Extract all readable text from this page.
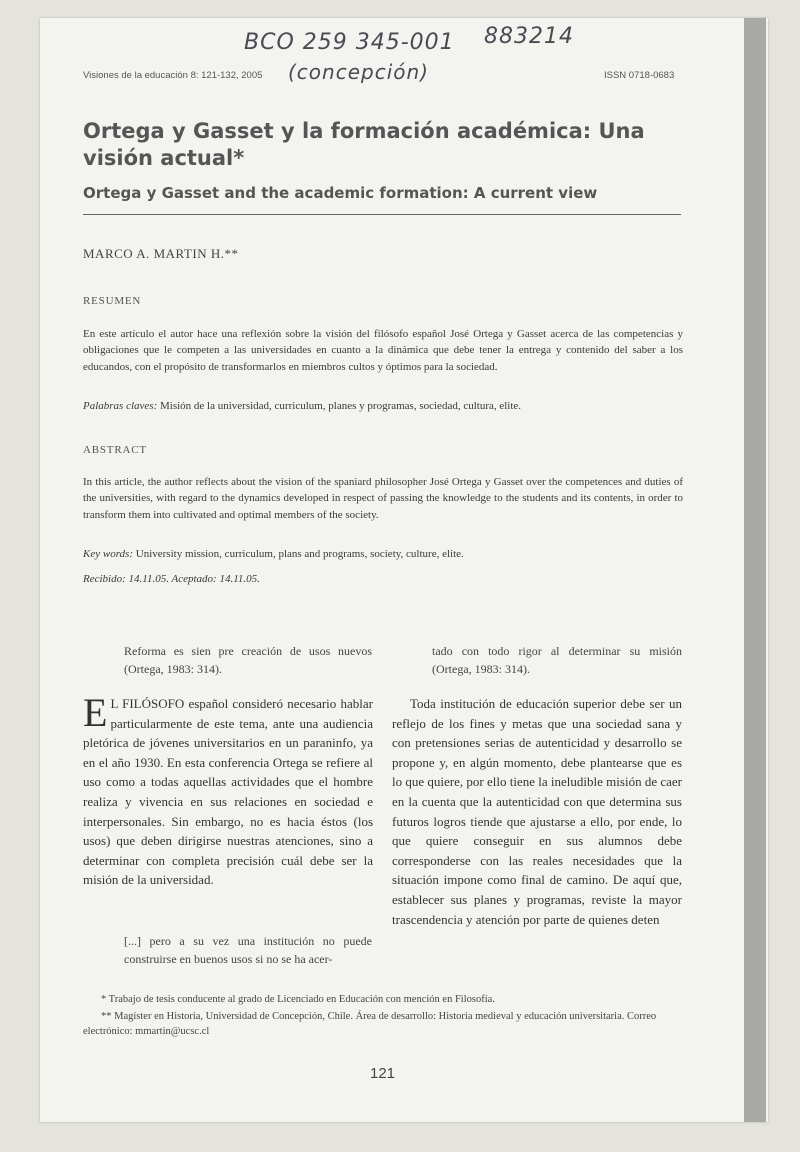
BCO 259 345-001 883214
(concepción)
Visiones de la educación 8: 121-132, 2005	ISSN 0718-0683
Ortega y Gasset y la formación académica: Una visión actual*
Ortega y Gasset and the academic formation: A current view
MARCO A. MARTIN H.**
RESUMEN
En este artículo el autor hace una reflexión sobre la visión del filósofo español José Ortega y Gasset acerca de las competencias y obligaciones que le competen a las universidades en cuanto a la dinámica que debe tener la entrega y contenido del saber a los educandos, con el propósito de transformarlos en miembros cultos y óptimos para la sociedad.
Palabras claves: Misión de la universidad, curriculum, planes y programas, sociedad, cultura, elite.
ABSTRACT
In this article, the author reflects about the vision of the spaniard philosopher José Ortega y Gasset over the competences and duties of the universities, with regard to the dynamics developed in respect of passing the knowledge to the students and its contents, in order to transform them into cultivated and optimal members of the society.
Key words: University mission, curriculum, plans and programs, society, culture, elite.
Recibido: 14.11.05. Aceptado: 14.11.05.
Reforma es sien pre creación de usos nuevos (Ortega, 1983: 314).
tado con todo rigor al determinar su misión (Ortega, 1983: 314).
E L FILÓSOFO español consideró necesario hablar particularmente de este tema, ante una audiencia pletórica de jóvenes universitarios en un paraninfo, ya en el año 1930. En esta conferencia Ortega se refiere al uso como a todas aquellas actividades que el hombre realiza y vivencia en sus relaciones en sociedad e interpersonales. Sin embargo, no es hacia éstos (los usos) que deben dirigirse nuestras atenciones, sino a determinar con completa precisión cuál debe ser la misión de la universidad.
[...] pero a su vez una institución no puede construirse en buenos usos si no se ha acer-
Toda institución de educación superior debe ser un reflejo de los fines y metas que una sociedad sana y con pretensiones serias de autenticidad y desarrollo se propone y, en algún momento, debe plantearse que es lo que quiere, por ello tiene la ineludible misión de caer en la cuenta que la autenticidad con que determina sus futuros logros tiende que ajustarse a ello, por ende, lo que quiere conseguir en sus alumnos debe corresponderse con las reales necesidades que la situación impone como final de camino. De aquí que, establecer sus planes y programas, reviste la mayor trascendencia y atención por parte de quienes deten
* Trabajo de tesis conducente al grado de Licenciado en Educación con mención en Filosofía.
** Magíster en Historia, Universidad de Concepción, Chile. Área de desarrollo: Historia medieval y educación universitaria. Correo electrónico: mmartin@ucsc.cl
121
